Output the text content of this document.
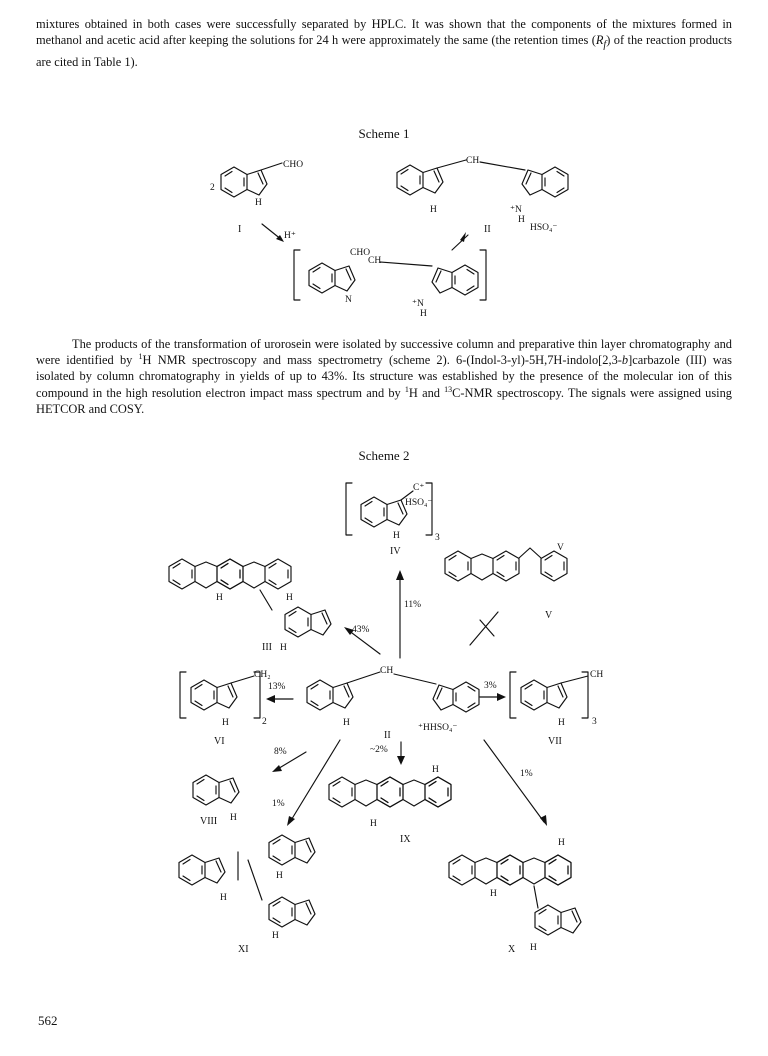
mixtures obtained in both cases were successfully separated by HPLC. It was shown that the components of the mixtures formed in methanol and acetic acid after keeping the solutions for 24 h were approximately the same (the retention times $(R_f)$ of the reaction products are cited in Table 1).

Scheme 1
CHO
2
H
I
CH
H	⁺N
H
HSO₄⁻
II
H⁺
CHO
CH
N	⁺N
H

The products of the transformation of urorosein were isolated by successive column and preparative thin layer chromatography and were identified by $^1$H NMR spectroscopy and mass spectrometry (scheme 2). 6-(Indol-3-yl)-5H,7H-indolo[2,3-b]carbazole (III) was isolated by column chromatography in yields of up to 43%. Its structure was established by the presence of the molecular ion of this compound in the high resolution electron impact mass spectrum and by $^1$H and $^{13}$C-NMR spectroscopy. The signals were assigned using HETCOR and COSY.

Scheme 2
C⁺
HSO₄⁻
H	3
IV
H	H
H
III
V
V
11%
43%
CH₂
H	2
VI
13%
CH
H	⁺H HSO₄⁻
II
3%
CH
H	3
VII
8%
1%
~2%
1%
VIII H
H
H
IX
H
H
H
XI
H
H
X H
562
